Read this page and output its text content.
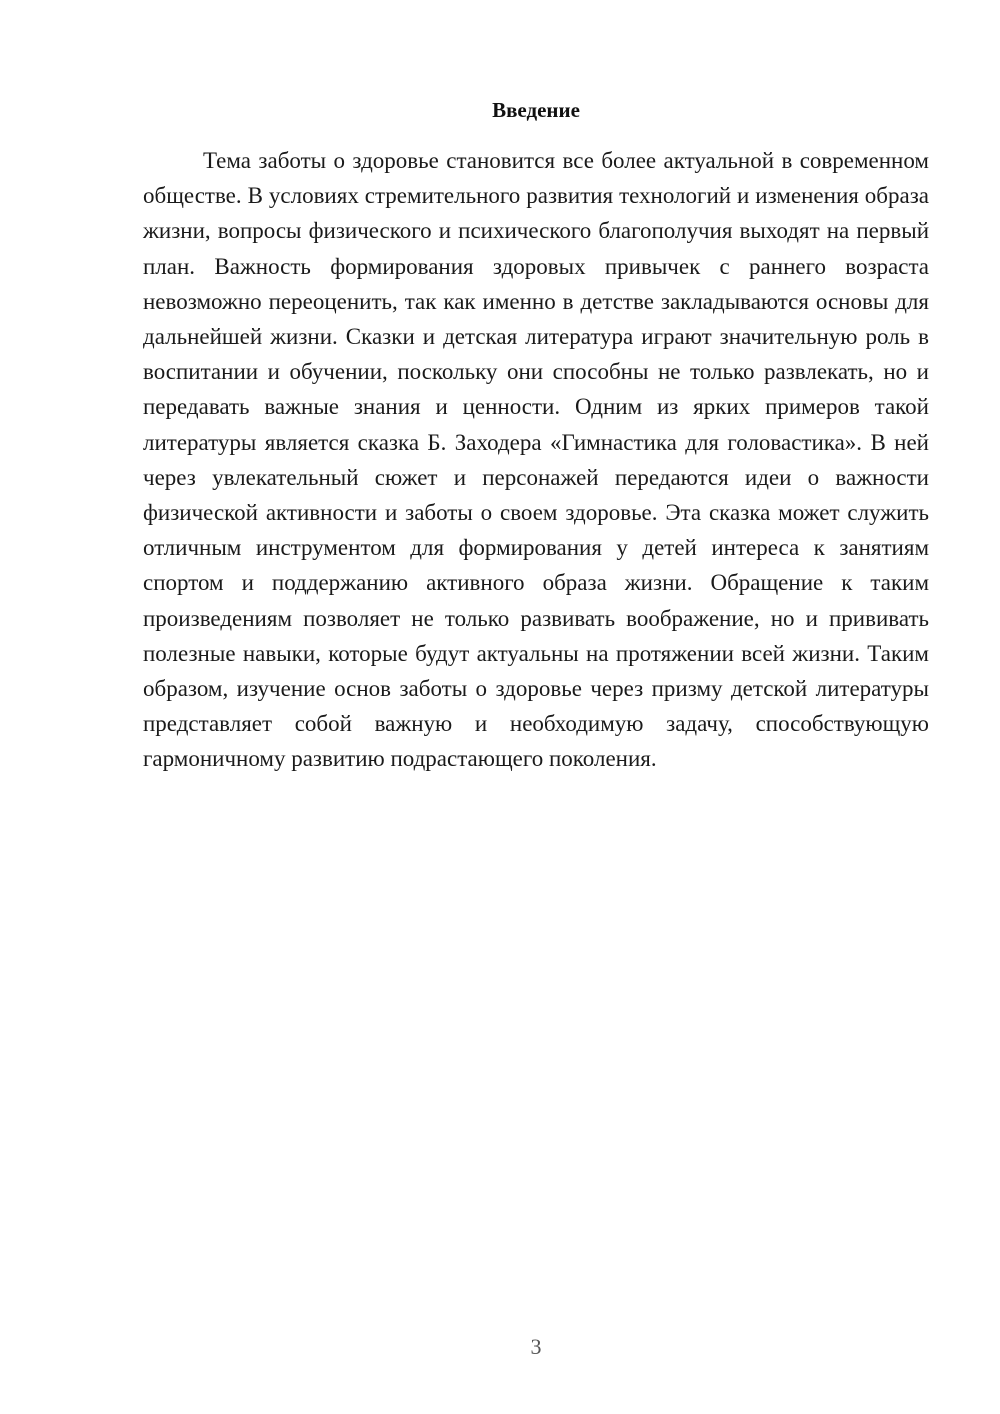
Введение

Тема заботы о здоровье становится все более актуальной в современном обществе. В условиях стремительного развития технологий и изменения образа жизни, вопросы физического и психического благополучия выходят на первый план. Важность формирования здоровых привычек с раннего возраста невозможно переоценить, так как именно в детстве закладываются основы для дальнейшей жизни. Сказки и детская литература играют значительную роль в воспитании и обучении, поскольку они способны не только развлекать, но и передавать важные знания и ценности. Одним из ярких примеров такой литературы является сказка Б. Заходера «Гимнастика для головастика». В ней через увлекательный сюжет и персонажей передаются идеи о важности физической активности и заботы о своем здоровье. Эта сказка может служить отличным инструментом для формирования у детей интереса к занятиям спортом и поддержанию активного образа жизни. Обращение к таким произведениям позволяет не только развивать воображение, но и прививать полезные навыки, которые будут актуальны на протяжении всей жизни. Таким образом, изучение основ заботы о здоровье через призму детской литературы представляет собой важную и необходимую задачу, способствующую гармоничному развитию подрастающего поколения.

3
